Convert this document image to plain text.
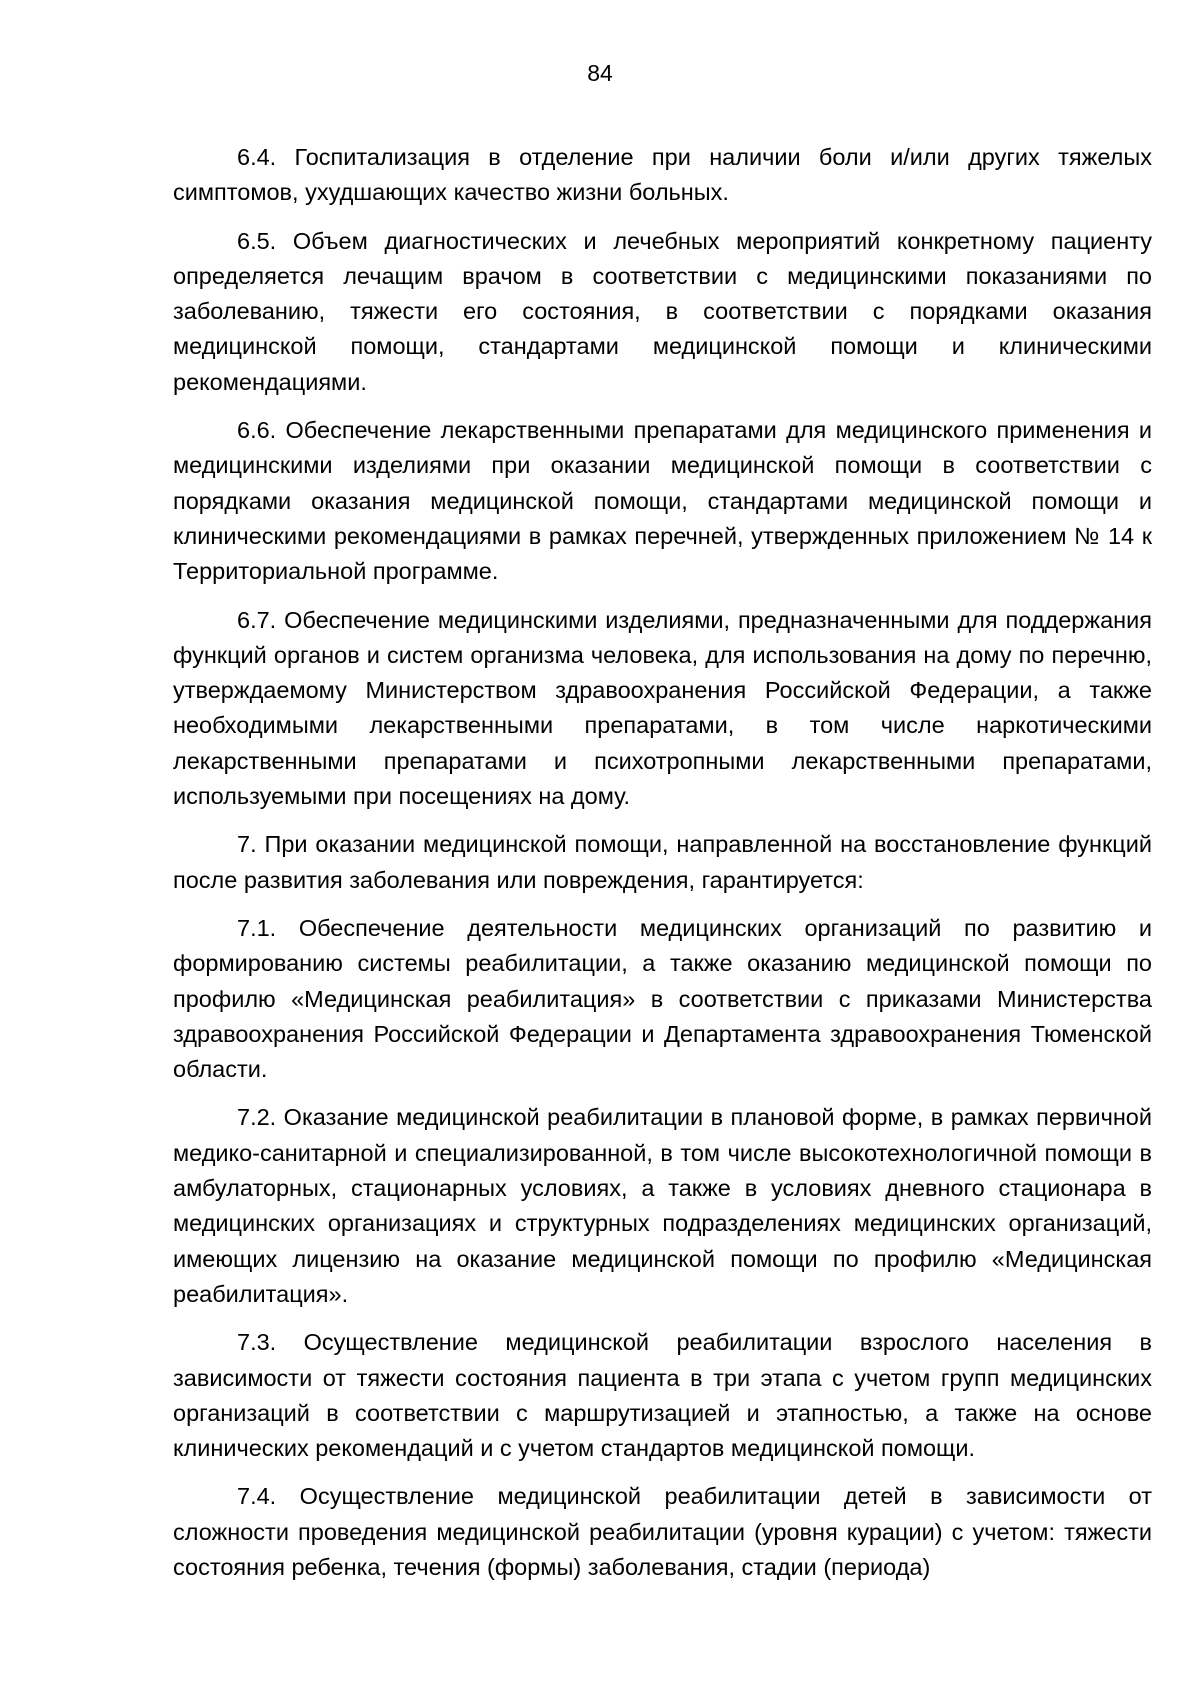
84

6.4. Госпитализация в отделение при наличии боли и/или других тяжелых симптомов, ухудшающих качество жизни больных.

6.5. Объем диагностических и лечебных мероприятий конкретному пациенту определяется лечащим врачом в соответствии с медицинскими показаниями по заболеванию, тяжести его состояния, в соответствии с порядками оказания медицинской помощи, стандартами медицинской помощи и клиническими рекомендациями.

6.6. Обеспечение лекарственными препаратами для медицинского применения и медицинскими изделиями при оказании медицинской помощи в соответствии с порядками оказания медицинской помощи, стандартами медицинской помощи и клиническими рекомендациями в рамках перечней, утвержденных приложением № 14 к Территориальной программе.

6.7. Обеспечение медицинскими изделиями, предназначенными для поддержания функций органов и систем организма человека, для использования на дому по перечню, утверждаемому Министерством здравоохранения Российской Федерации, а также необходимыми лекарственными препаратами, в том числе наркотическими лекарственными препаратами и психотропными лекарственными препаратами, используемыми при посещениях на дому.

7. При оказании медицинской помощи, направленной на восстановление функций после развития заболевания или повреждения, гарантируется:

7.1. Обеспечение деятельности медицинских организаций по развитию и формированию системы реабилитации, а также оказанию медицинской помощи по профилю «Медицинская реабилитация» в соответствии с приказами Министерства здравоохранения Российской Федерации и Департамента здравоохранения Тюменской области.

7.2. Оказание медицинской реабилитации в плановой форме, в рамках первичной медико-санитарной и специализированной, в том числе высокотехнологичной помощи в амбулаторных, стационарных условиях, а также в условиях дневного стационара в медицинских организациях и структурных подразделениях медицинских организаций, имеющих лицензию на оказание медицинской помощи по профилю «Медицинская реабилитация».

7.3. Осуществление медицинской реабилитации взрослого населения в зависимости от тяжести состояния пациента в три этапа с учетом групп медицинских организаций в соответствии с маршрутизацией и этапностью, а также на основе клинических рекомендаций и с учетом стандартов медицинской помощи.

7.4. Осуществление медицинской реабилитации детей в зависимости от сложности проведения медицинской реабилитации (уровня курации) с учетом: тяжести состояния ребенка, течения (формы) заболевания, стадии (периода)
